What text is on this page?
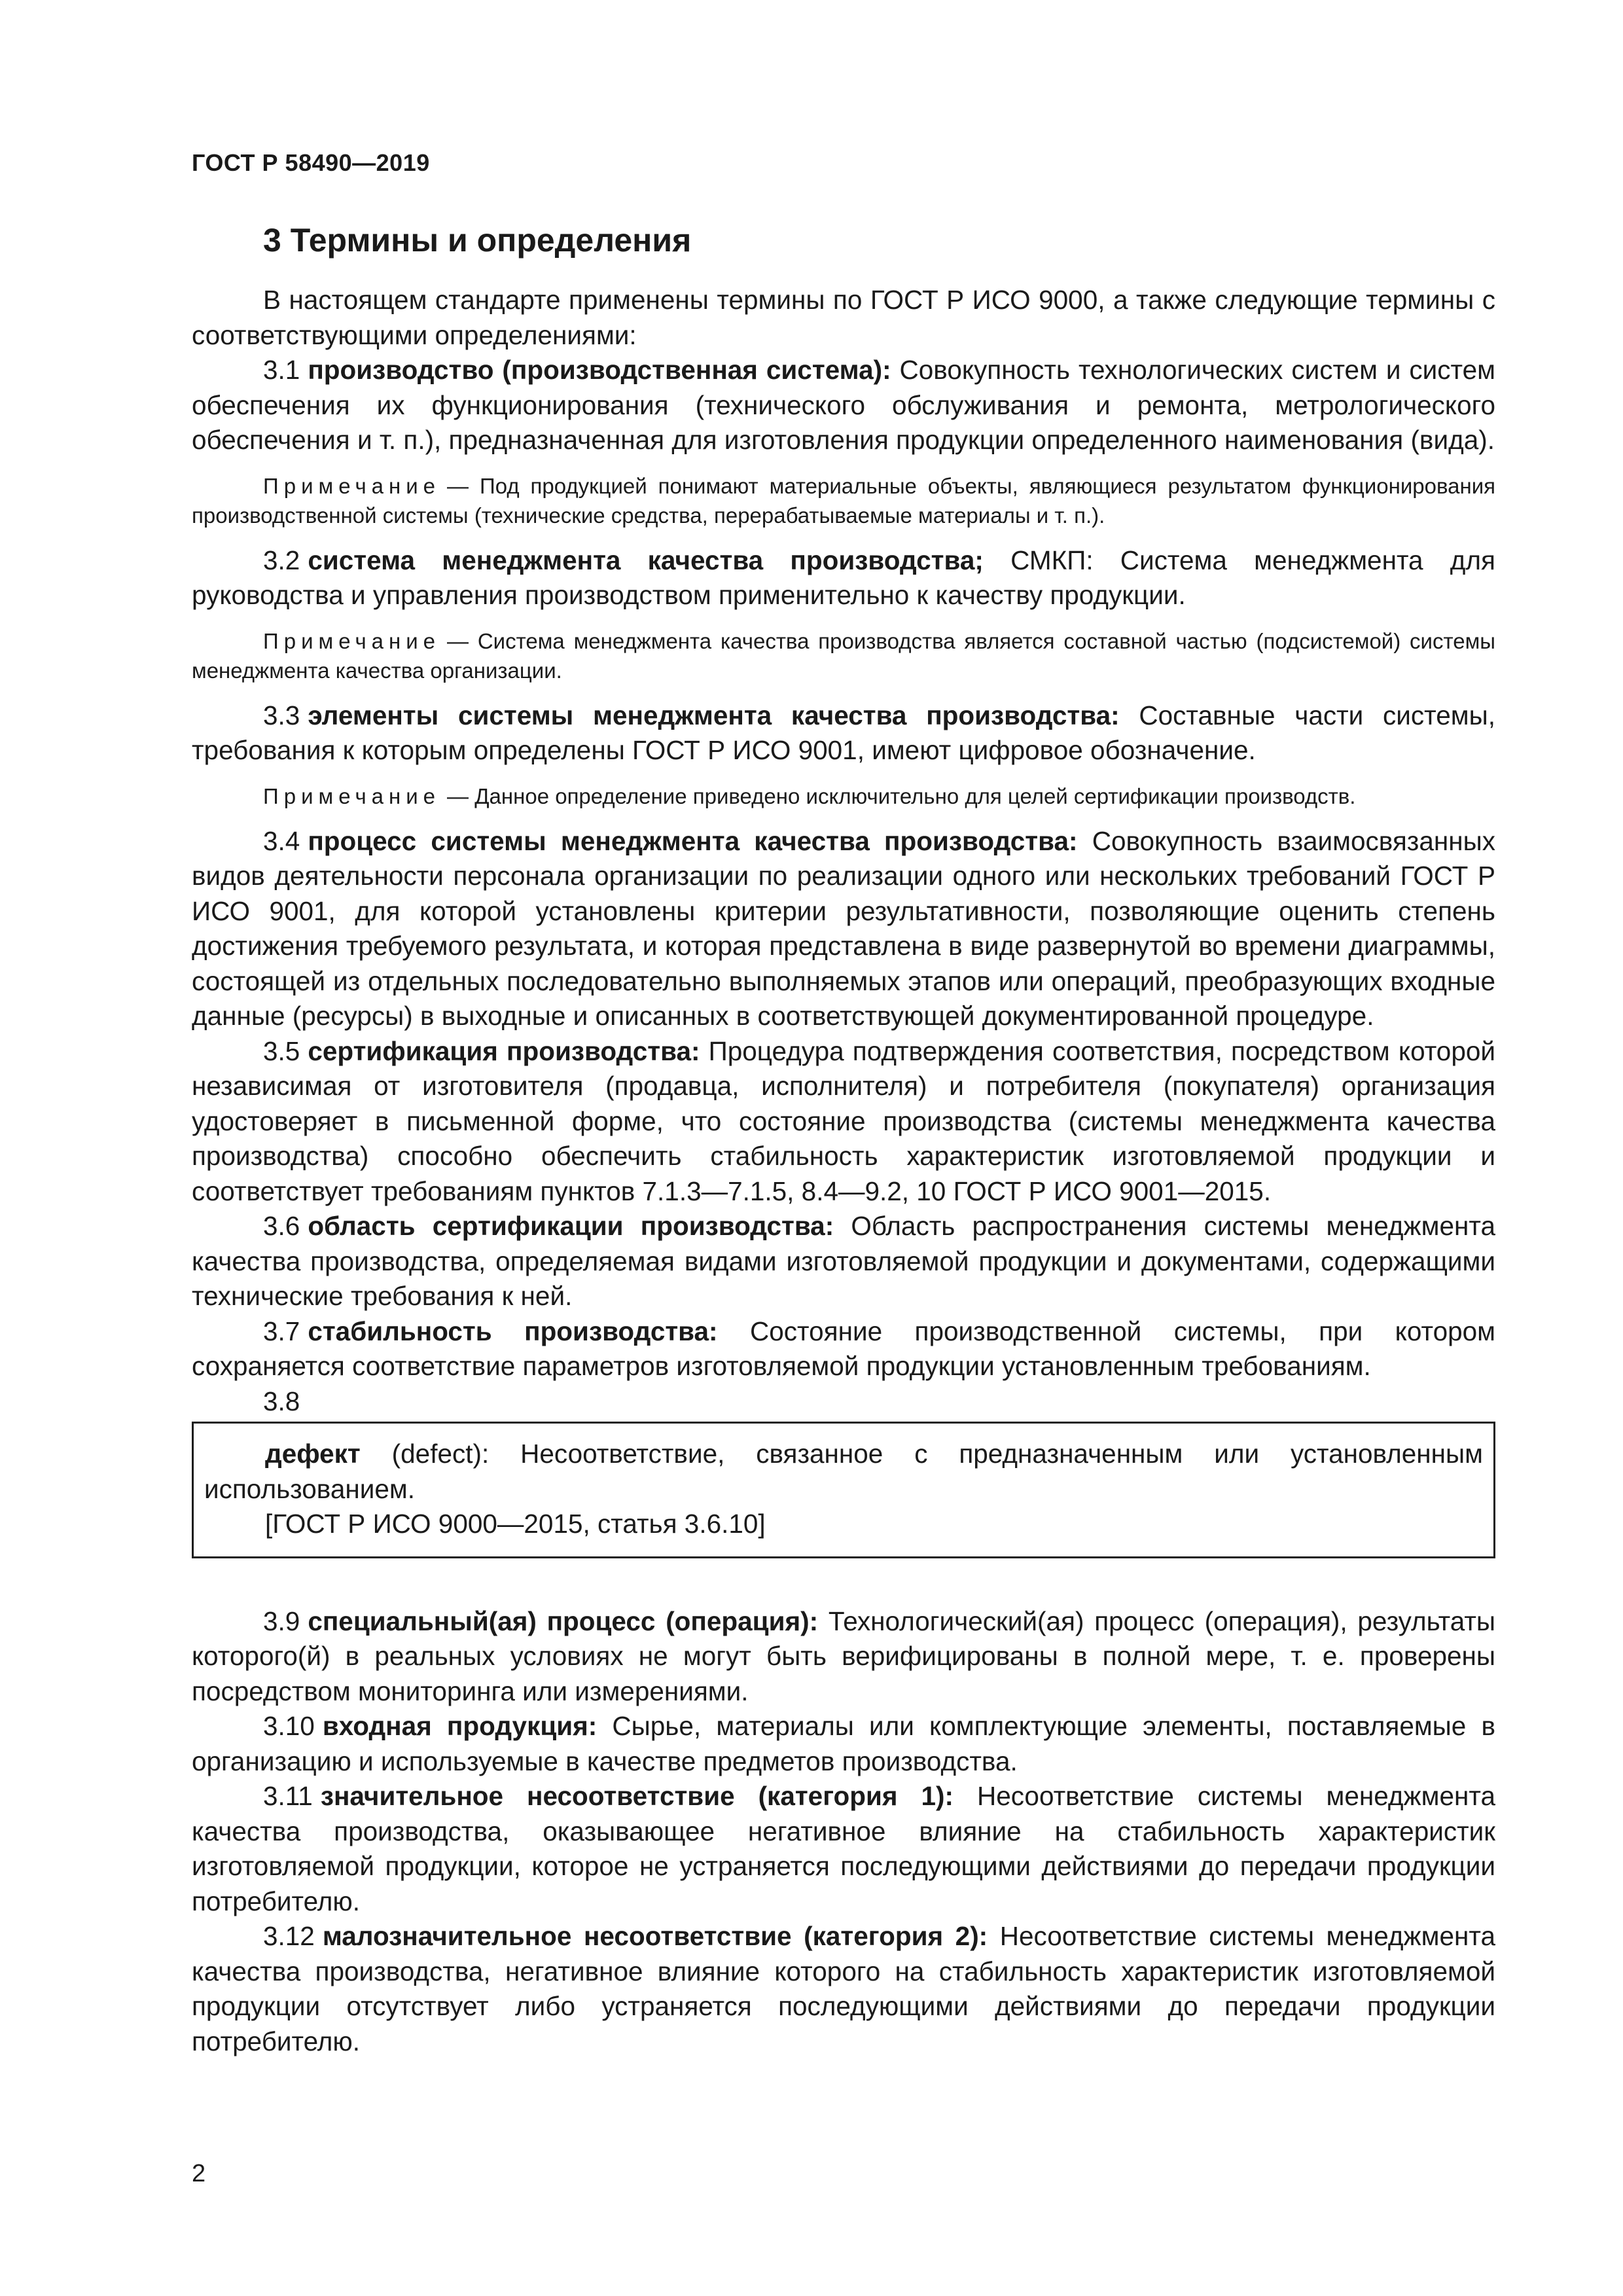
ГОСТ Р 58490—2019
3 Термины и определения

В настоящем стандарте применены термины по ГОСТ Р ИСО 9000, а также следующие термины с соответствующими определениями:

3.1 производство (производственная система): Совокупность технологических систем и систем обеспечения их функционирования (технического обслуживания и ремонта, метрологического обеспечения и т. п.), предназначенная для изготовления продукции определенного наименования (вида).

Примечание — Под продукцией понимают материальные объекты, являющиеся результатом функционирования производственной системы (технические средства, перерабатываемые материалы и т. п.).

3.2 система менеджмента качества производства; СМКП: Система менеджмента для руководства и управления производством применительно к качеству продукции.

Примечание — Система менеджмента качества производства является составной частью (подсистемой) системы менеджмента качества организации.

3.3 элементы системы менеджмента качества производства: Составные части системы, требования к которым определены ГОСТ Р ИСО 9001, имеют цифровое обозначение.

Примечание — Данное определение приведено исключительно для целей сертификации производств.

3.4 процесс системы менеджмента качества производства: Совокупность взаимосвязанных видов деятельности персонала организации по реализации одного или нескольких требований ГОСТ Р ИСО 9001, для которой установлены критерии результативности, позволяющие оценить степень достижения требуемого результата, и которая представлена в виде развернутой во времени диаграммы, состоящей из отдельных последовательно выполняемых этапов или операций, преобразующих входные данные (ресурсы) в выходные и описанных в соответствующей документированной процедуре.

3.5 сертификация производства: Процедура подтверждения соответствия, посредством которой независимая от изготовителя (продавца, исполнителя) и потребителя (покупателя) организация удостоверяет в письменной форме, что состояние производства (системы менеджмента качества производства) способно обеспечить стабильность характеристик изготовляемой продукции и соответствует требованиям пунктов 7.1.3—7.1.5, 8.4—9.2, 10 ГОСТ Р ИСО 9001—2015.

3.6 область сертификации производства: Область распространения системы менеджмента качества производства, определяемая видами изготовляемой продукции и документами, содержащими технические требования к ней.

3.7 стабильность производства: Состояние производственной системы, при котором сохраняется соответствие параметров изготовляемой продукции установленным требованиям.

3.8

дефект (defect): Несоответствие, связанное с предназначенным или установленным использованием.

[ГОСТ Р ИСО 9000—2015, статья 3.6.10]

3.9 специальный(ая) процесс (операция): Технологический(ая) процесс (операция), результаты которого(й) в реальных условиях не могут быть верифицированы в полной мере, т. е. проверены посредством мониторинга или измерениями.

3.10 входная продукция: Сырье, материалы или комплектующие элементы, поставляемые в организацию и используемые в качестве предметов производства.

3.11 значительное несоответствие (категория 1): Несоответствие системы менеджмента качества производства, оказывающее негативное влияние на стабильность характеристик изготовляемой продукции, которое не устраняется последующими действиями до передачи продукции потребителю.

3.12 малозначительное несоответствие (категория 2): Несоответствие системы менеджмента качества производства, негативное влияние которого на стабильность характеристик изготовляемой продукции отсутствует либо устраняется последующими действиями до передачи продукции потребителю.

2
